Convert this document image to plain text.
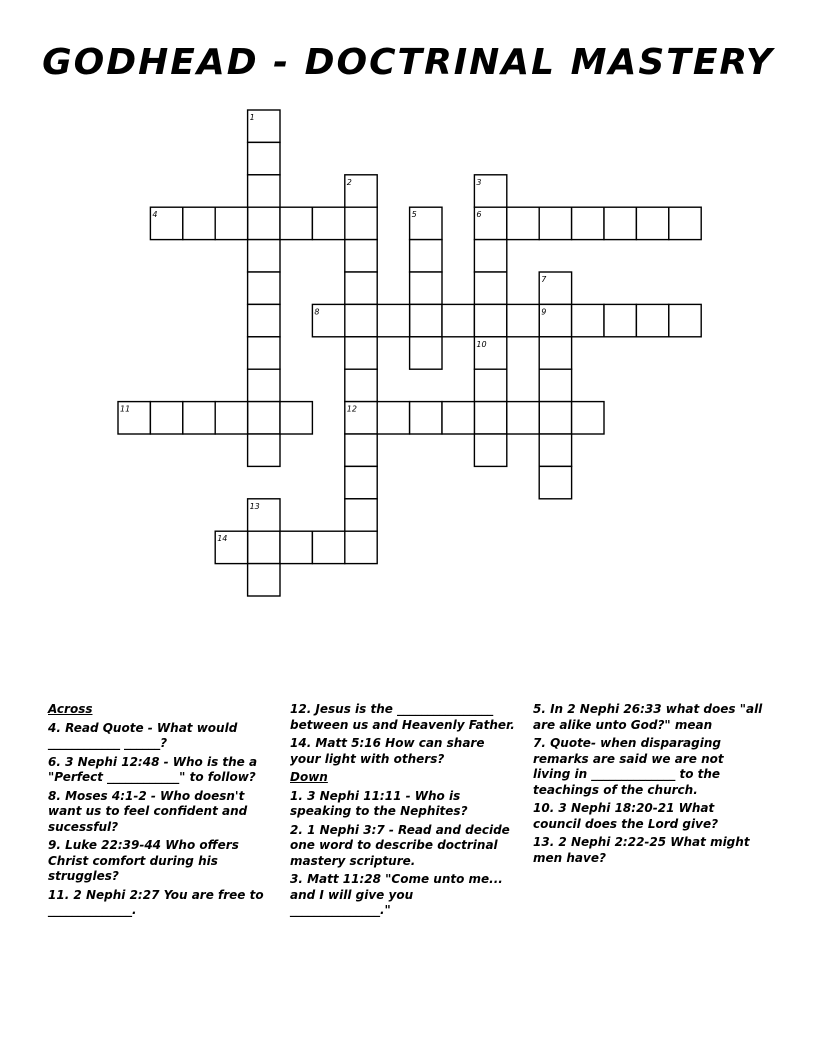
GODHEAD - DOCTRINAL MASTERY
1
2	3
4	5	6
7
8	9
10
11	12
13
14
Across
4. Read Quote - What would ____________ ______?
6. 3 Nephi 12:48 - Who is the a "Perfect ____________" to follow?
8. Moses 4:1-2 - Who doesn't want us to feel confident and sucessful?
9. Luke 22:39-44 Who offers Christ comfort during his struggles?
11. 2 Nephi 2:27 You are free to ______________.
12. Jesus is the ________________ between us and Heavenly Father.
14. Matt 5:16 How can share your light with others?
Down
1. 3 Nephi 11:11 - Who is speaking to the Nephites?
2. 1 Nephi 3:7 - Read and decide one word to describe doctrinal mastery scripture.
3. Matt 11:28 "Come unto me... and I will give you _______________."
5. In 2 Nephi 26:33 what does "all are alike unto God?" mean
7. Quote- when disparaging remarks are said we are not living in ______________ to the teachings of the church.
10. 3 Nephi 18:20-21 What council does the Lord give?
13. 2 Nephi 2:22-25 What might men have?
